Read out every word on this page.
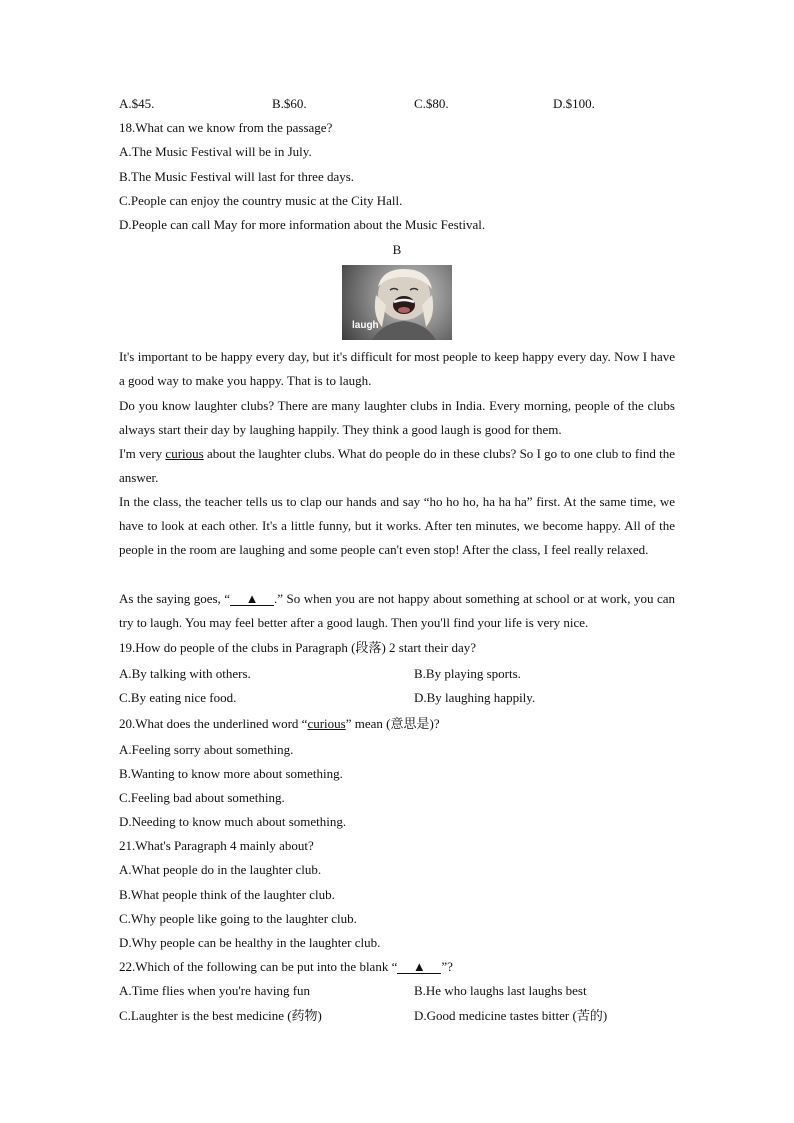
A.$45.	B.$60.	C.$80.	D.$100.
18.What can we know from the passage?
A.The Music Festival will be in July.
B.The Music Festival will last for three days.
C.People can enjoy the country music at the City Hall.
D.People can call May for more information about the Music Festival.
B
laugh
It's important to be happy every day, but it's difficult for most people to keep happy every day. Now I have a good way to make you happy. That is to laugh.
Do you know laughter clubs? There are many laughter clubs in India. Every morning, people of the clubs always start their day by laughing happily. They think a good laugh is good for them.
I'm very curious about the laughter clubs. What do people do in these clubs? So I go to one club to find the answer.
In the class, the teacher tells us to clap our hands and say “ho ho ho, ha ha ha” first. At the same time, we have to look at each other. It's a little funny, but it works. After ten minutes, we become happy. All of the people in the room are laughing and some people can't even stop! After the class, I feel really relaxed.
As the saying goes, “ ▲ .” So when you are not happy about something at school or at work, you can try to laugh. You may feel better after a good laugh. Then you'll find your life is very nice.
19.How do people of the clubs in Paragraph (段落) 2 start their day?
A.By talking with others.	B.By playing sports.
C.By eating nice food.	D.By laughing happily.
20.What does the underlined word “curious” mean (意思是)?
A.Feeling sorry about something.
B.Wanting to know more about something.
C.Feeling bad about something.
D.Needing to know much about something.
21.What's Paragraph 4 mainly about?
A.What people do in the laughter club.
B.What people think of the laughter club.
C.Why people like going to the laughter club.
D.Why people can be healthy in the laughter club.
22.Which of the following can be put into the blank “ ▲ ”?
A.Time flies when you're having fun	B.He who laughs last laughs best
C.Laughter is the best medicine (药物)	D.Good medicine tastes bitter (苦的)
